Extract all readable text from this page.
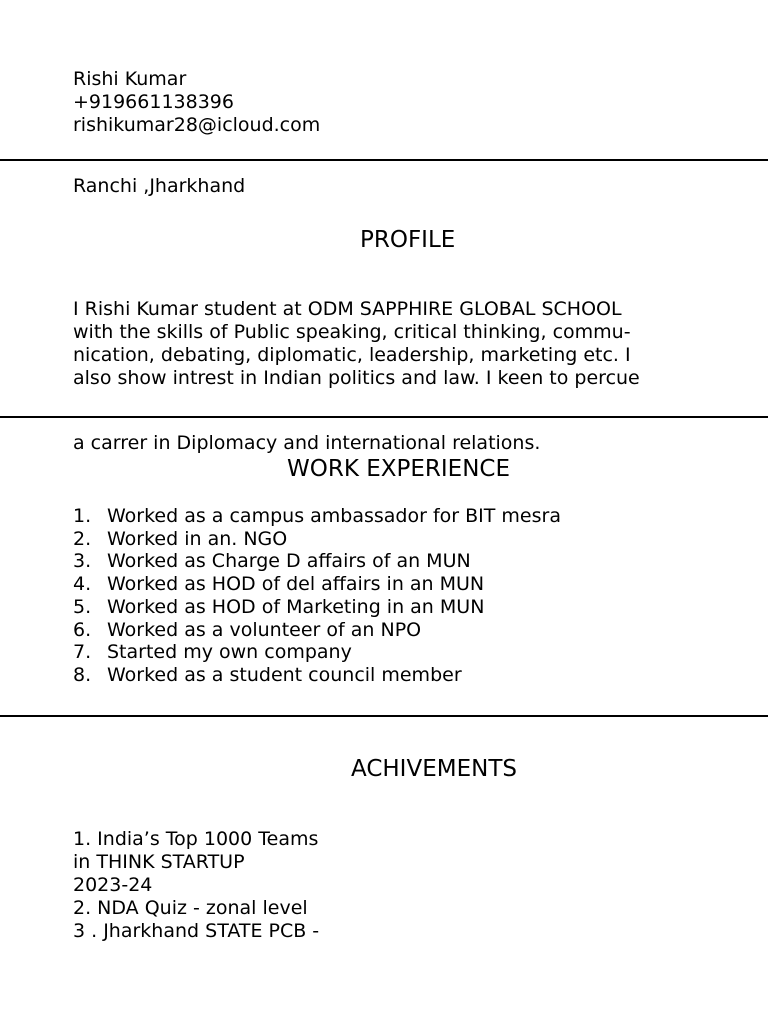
Rishi Kumar
+919661138396
rishikumar28@icloud.com
Ranchi ,Jharkhand
PROFILE
I Rishi Kumar student at ODM SAPPHIRE GLOBAL SCHOOL
with the skills of Public speaking, critical thinking, commu-
nication, debating, diplomatic, leadership, marketing etc. I
also show intrest in Indian politics and law. I keen to percue
a carrer in Diplomacy and international relations.
WORK EXPERIENCE
1. Worked as a campus ambassador for BIT mesra
2. Worked in an. NGO
3. Worked as Charge D affairs of an MUN
4. Worked as HOD of del affairs in an MUN
5. Worked as HOD of Marketing in an MUN
6. Worked as a volunteer of an NPO
7. Started my own company
8. Worked as a student council member
ACHIVEMENTS
1. India’s Top 1000 Teams
in THINK STARTUP
2023-24
2. NDA Quiz - zonal level
3 . Jharkhand STATE PCB -
